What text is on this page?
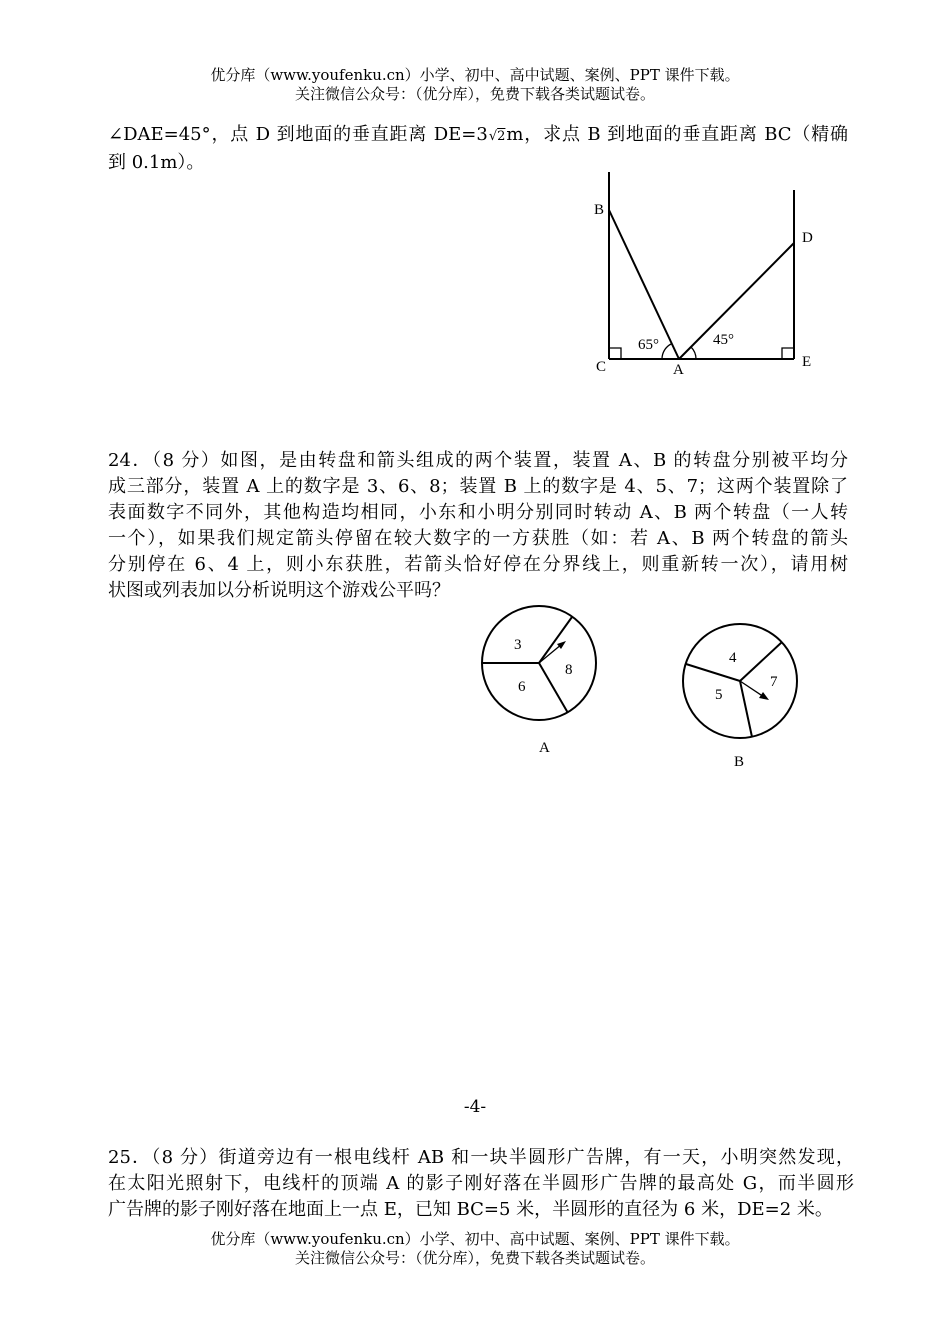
优分库（www.youfenku.cn）小学、初中、高中试题、案例、PPT 课件下载。
关注微信公众号：（优分库），免费下载各类试题试卷。
∠DAE=45°，点 D 到地面的垂直距离 DE=3√2m，求点 B 到地面的垂直距离 BC（精确
到 0.1m）。
B
D
C	A	E
65°	45°
24．（8 分）如图，是由转盘和箭头组成的两个装置，装置 A、B 的转盘分别被平均分
成三部分，装置 A 上的数字是 3、6、8；装置 B 上的数字是 4、5、7；这两个装置除了
表面数字不同外，其他构造均相同，小东和小明分别同时转动 A、B 两个转盘（一人转
一个），如果我们规定箭头停留在较大数字的一方获胜（如：若 A、B 两个转盘的箭头
分别停在 6、4 上，则小东获胜，若箭头恰好停在分界线上，则重新转一次），请用树
状图或列表加以分析说明这个游戏公平吗？
3
8
6
A
4
7
5
B
-4-
25．（8 分）街道旁边有一根电线杆 AB 和一块半圆形广告牌，有一天，小明突然发现，
在太阳光照射下，电线杆的顶端 A 的影子刚好落在半圆形广告牌的最高处 G，而半圆形
广告牌的影子刚好落在地面上一点 E，已知 BC=5 米，半圆形的直径为 6 米，DE=2 米。
优分库（www.youfenku.cn）小学、初中、高中试题、案例、PPT 课件下载。
关注微信公众号：（优分库），免费下载各类试题试卷。
